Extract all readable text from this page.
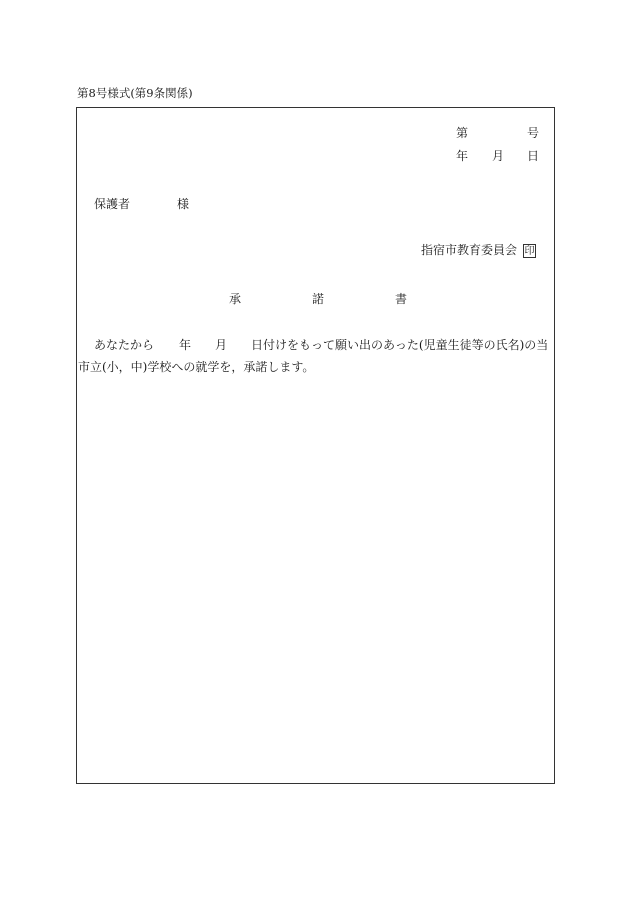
第8号様式(第9条関係)
第	号
年 月 日
保護者	様
指宿市教育委員会 印
承	諾	書
あなたから 年 月 日付けをもって願い出のあった(児童生徒等の氏名)の当
市立(小，中)学校への就学を，承諾します。
